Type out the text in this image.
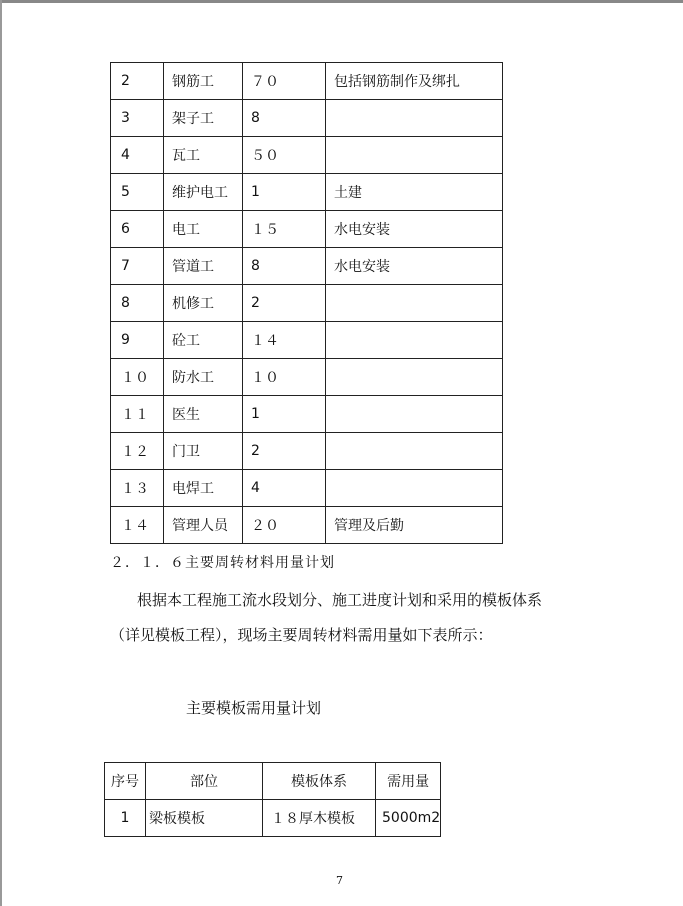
2	钢筋工	７０	包括钢筋制作及绑扎
3	架子工	8	
4	瓦工	５０	
5	维护电工	1	土建
6	电工	１５	水电安装
7	管道工	8	水电安装
8	机修工	2	
9	砼工	１４	
１０	防水工	１０	
１１	医生	1	
１２	门卫	2	
１３	电焊工	4	
１４	管理人员	２０	管理及后勤
２．１．６主要周转材料用量计划
根据本工程施工流水段划分、施工进度计划和采用的模板体系
（详见模板工程），现场主要周转材料需用量如下表所示：
主要模板需用量计划
序号	部位	模板体系	需用量
1	梁板模板	１８厚木模板	5000m2
7
